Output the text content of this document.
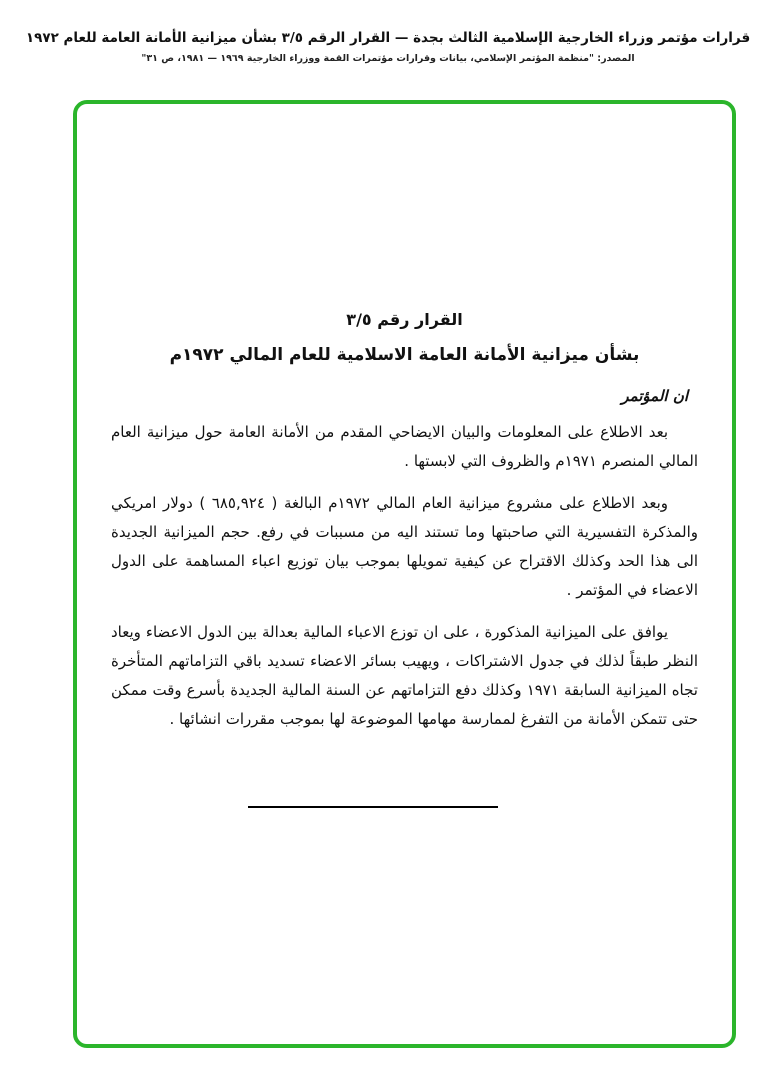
قرارات مؤتمر وزراء الخارجية الإسلامية الثالث بجدة — القرار الرقم ٣/٥ بشأن ميزانية الأمانة العامة للعام ١٩٧٢
المصدر: "منظمة المؤتمر الإسلامي، بيانات وقرارات مؤتمرات القمة ووزراء الخارجية ١٩٦٩ — ١٩٨١، ص ٣١"
القرار رقم ٣/٥
بشأن ميزانية الأمانة العامة الاسلامية للعام المالي ١٩٧٢م
ان المؤتمر

بعد الاطلاع على المعلومات والبيان الايضاحي المقدم من الأمانة العامة حول ميزانية العام المالي المنصرم ١٩٧١م والظروف التي لابستها .

وبعد الاطلاع على مشروع ميزانية العام المالي ١٩٧٢م البالغة ( ٦٨٥,٩٢٤ ) دولار امريكي والمذكرة التفسيرية التي صاحبتها وما تستند اليه من مسببات في رفع. حجم الميزانية الجديدة الى هذا الحد وكذلك الاقتراح عن كيفية تمويلها بموجب بيان توزيع اعباء المساهمة على الدول الاعضاء في المؤتمر .

يوافق على الميزانية المذكورة ، على ان توزع الاعباء المالية بعدالة بين الدول الاعضاء ويعاد النظر طبقاً لذلك في جدول الاشتراكات ، ويهيب بسائر الاعضاء تسديد باقي التزاماتهم المتأخرة تجاه الميزانية السابقة ١٩٧١ وكذلك دفع التزاماتهم عن السنة المالية الجديدة بأسرع وقت ممكن حتى تتمكن الأمانة من التفرغ لممارسة مهامها الموضوعة لها بموجب مقررات انشائها .
